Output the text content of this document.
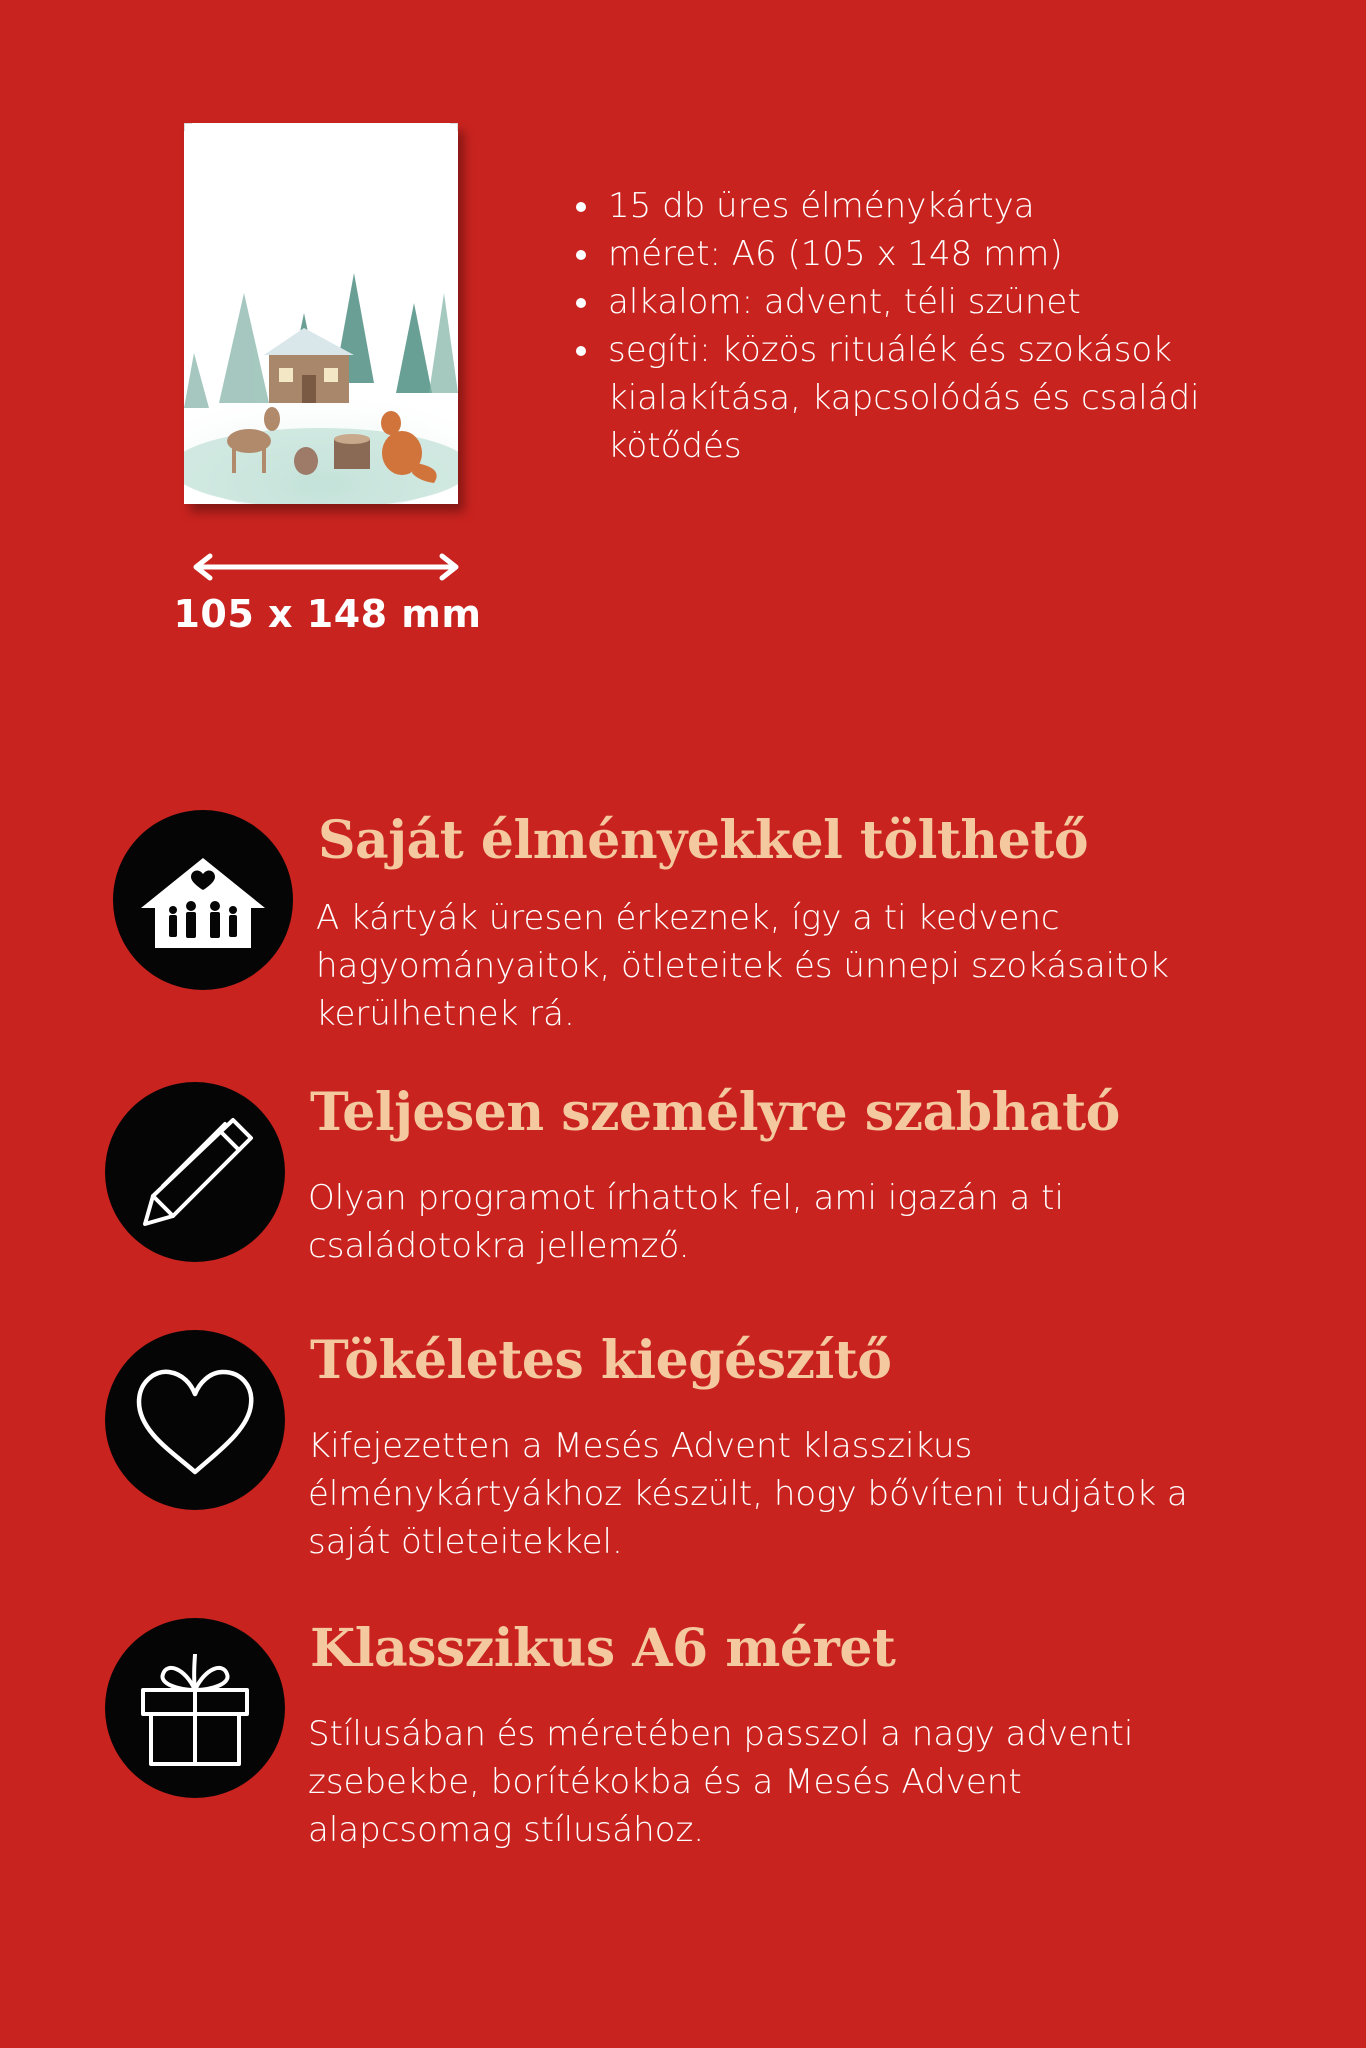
105 x 148 mm
15 db üres élménykártya
méret: A6 (105 x 148 mm)
alkalom: advent, téli szünet
segíti: közös rituálék és szokások kialakítása, kapcsolódás és családi kötődés
Saját élményekkel tölthető

A kártyák üresen érkeznek, így a ti kedvenc hagyományaitok, ötleteitek és ünnepi szokásaitok kerülhetnek rá.

Teljesen személyre szabható

Olyan programot írhattok fel, ami igazán a ti családotokra jellemző.

Tökéletes kiegészítő

Kifejezetten a Mesés Advent klasszikus élménykártyákhoz készült, hogy bővíteni tudjátok a saját ötleteitekkel.

Klasszikus A6 méret

Stílusában és méretében passzol a nagy adventi zsebekbe, borítékokba és a Mesés Advent alapcsomag stílusához.
